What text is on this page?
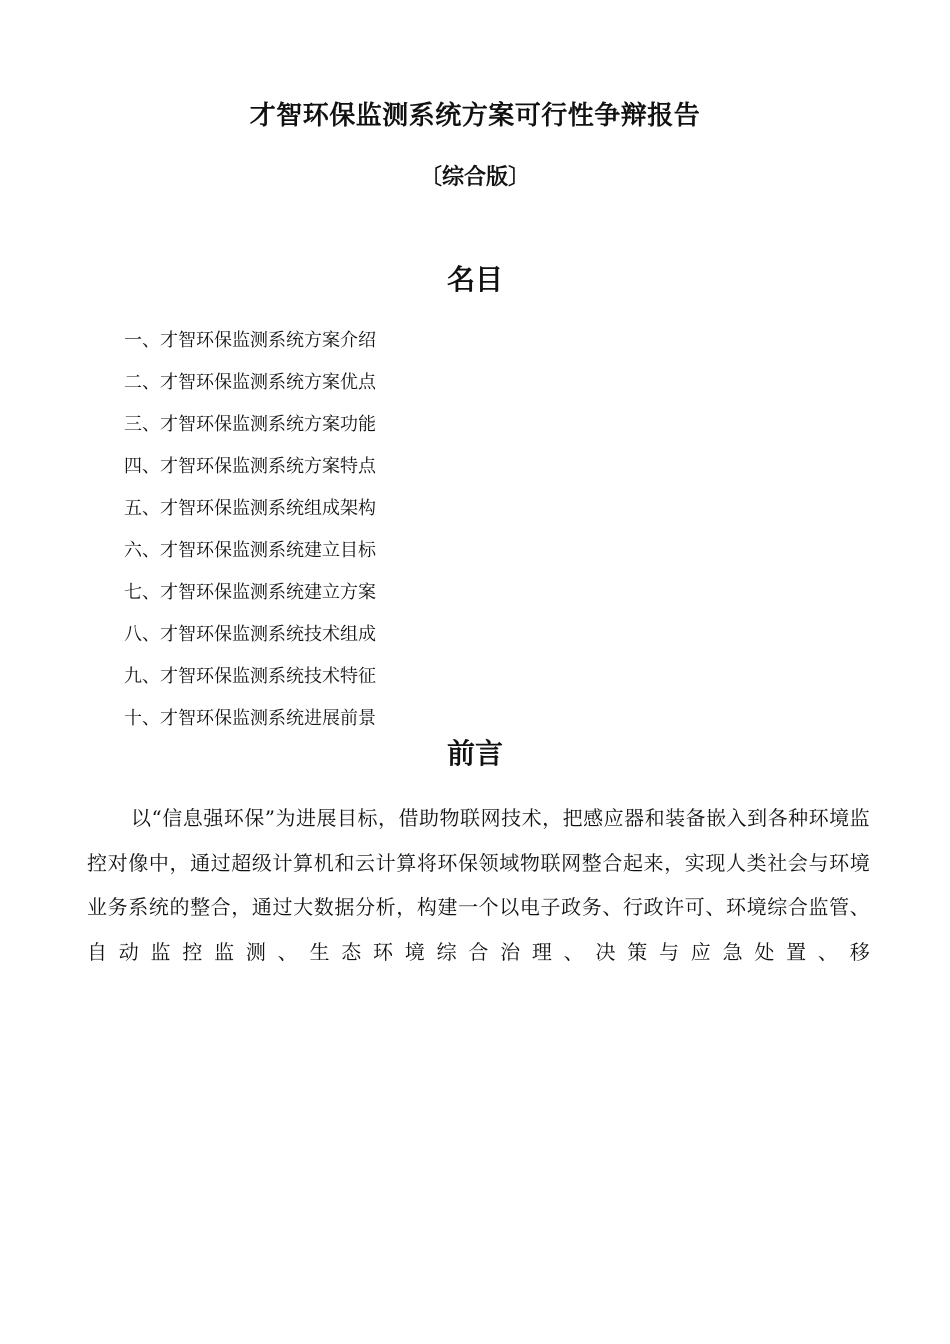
才智环保监测系统方案可行性争辩报告
〔综合版〕
名目
一、才智环保监测系统方案介绍
二、才智环保监测系统方案优点
三、才智环保监测系统方案功能
四、才智环保监测系统方案特点
五、才智环保监测系统组成架构
六、才智环保监测系统建立目标
七、才智环保监测系统建立方案
八、才智环保监测系统技术组成
九、才智环保监测系统技术特征
十、才智环保监测系统进展前景
前言

以“信息强环保”为进展目标，借助物联网技术，把感应器和装备嵌入到各种环境监控对像中，通过超级计算机和云计算将环保领域物联网整合起来，实现人类社会与环境业务系统的整合，通过大数据分析，构建一个以电子政务、行政许可、环境综合监管、自动监控监测、生态环境综合治理、决策与应急处置、移
